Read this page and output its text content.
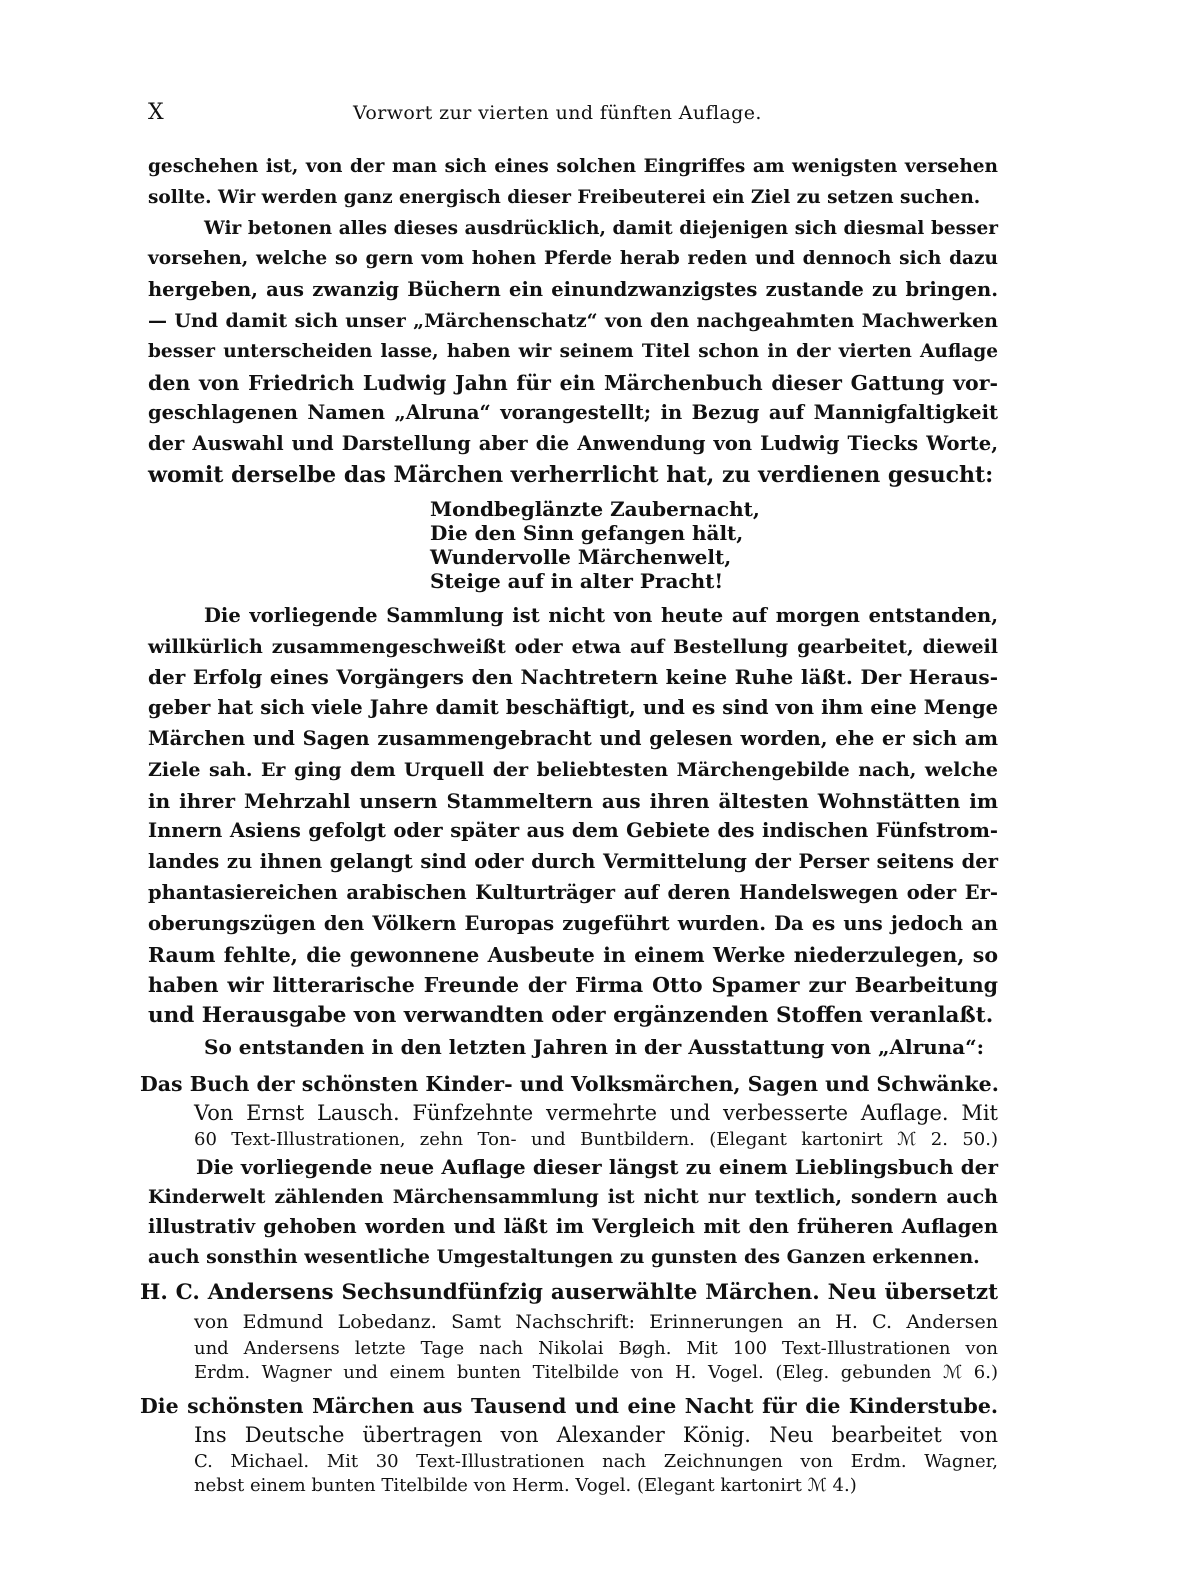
X	Vorwort zur vierten und fünften Auflage.
geschehen ist, von der man sich eines solchen Eingriffes am wenigsten versehen
sollte. Wir werden ganz energisch dieser Freibeuterei ein Ziel zu setzen suchen.
Wir betonen alles dieses ausdrücklich, damit diejenigen sich diesmal besser
vorsehen, welche so gern vom hohen Pferde herab reden und dennoch sich dazu
hergeben, aus zwanzig Büchern ein einundzwanzigstes zustande zu bringen.
— Und damit sich unser „Märchenschatz“ von den nachgeahmten Machwerken
besser unterscheiden lasse, haben wir seinem Titel schon in der vierten Auflage
den von Friedrich Ludwig Jahn für ein Märchenbuch dieser Gattung vor-
geschlagenen Namen „Alruna“ vorangestellt; in Bezug auf Mannigfaltigkeit
der Auswahl und Darstellung aber die Anwendung von Ludwig Tiecks Worte,
womit derselbe das Märchen verherrlicht hat, zu verdienen gesucht:
Mondbeglänzte Zaubernacht,
Die den Sinn gefangen hält,
Wundervolle Märchenwelt,
Steige auf in alter Pracht!
Die vorliegende Sammlung ist nicht von heute auf morgen entstanden,
willkürlich zusammengeschweißt oder etwa auf Bestellung gearbeitet, dieweil
der Erfolg eines Vorgängers den Nachtretern keine Ruhe läßt. Der Heraus-
geber hat sich viele Jahre damit beschäftigt, und es sind von ihm eine Menge
Märchen und Sagen zusammengebracht und gelesen worden, ehe er sich am
Ziele sah. Er ging dem Urquell der beliebtesten Märchengebilde nach, welche
in ihrer Mehrzahl unsern Stammeltern aus ihren ältesten Wohnstätten im
Innern Asiens gefolgt oder später aus dem Gebiete des indischen Fünfstrom-
landes zu ihnen gelangt sind oder durch Vermittelung der Perser seitens der
phantasiereichen arabischen Kulturträger auf deren Handelswegen oder Er-
oberungszügen den Völkern Europas zugeführt wurden. Da es uns jedoch an
Raum fehlte, die gewonnene Ausbeute in einem Werke niederzulegen, so
haben wir litterarische Freunde der Firma Otto Spamer zur Bearbeitung
und Herausgabe von verwandten oder ergänzenden Stoffen veranlaßt.
So entstanden in den letzten Jahren in der Ausstattung von „Alruna“:
Das Buch der schönsten Kinder- und Volksmärchen, Sagen und Schwänke.
Von Ernst Lausch. Fünfzehnte vermehrte und verbesserte Auflage. Mit
60 Text-Illustrationen, zehn Ton- und Buntbildern. (Elegant kartonirt ℳ 2. 50.)
Die vorliegende neue Auflage dieser längst zu einem Lieblingsbuch der
Kinderwelt zählenden Märchensammlung ist nicht nur textlich, sondern auch
illustrativ gehoben worden und läßt im Vergleich mit den früheren Auflagen
auch sonsthin wesentliche Umgestaltungen zu gunsten des Ganzen erkennen.
H. C. Andersens Sechsundfünfzig auserwählte Märchen. Neu übersetzt
von Edmund Lobedanz. Samt Nachschrift: Erinnerungen an H. C. Andersen
und Andersens letzte Tage nach Nikolai Bøgh. Mit 100 Text-Illustrationen von
Erdm. Wagner und einem bunten Titelbilde von H. Vogel. (Eleg. gebunden ℳ 6.)
Die schönsten Märchen aus Tausend und eine Nacht für die Kinderstube.
Ins Deutsche übertragen von Alexander König. Neu bearbeitet von
C. Michael. Mit 30 Text-Illustrationen nach Zeichnungen von Erdm. Wagner,
nebst einem bunten Titelbilde von Herm. Vogel. (Elegant kartonirt ℳ 4.)
